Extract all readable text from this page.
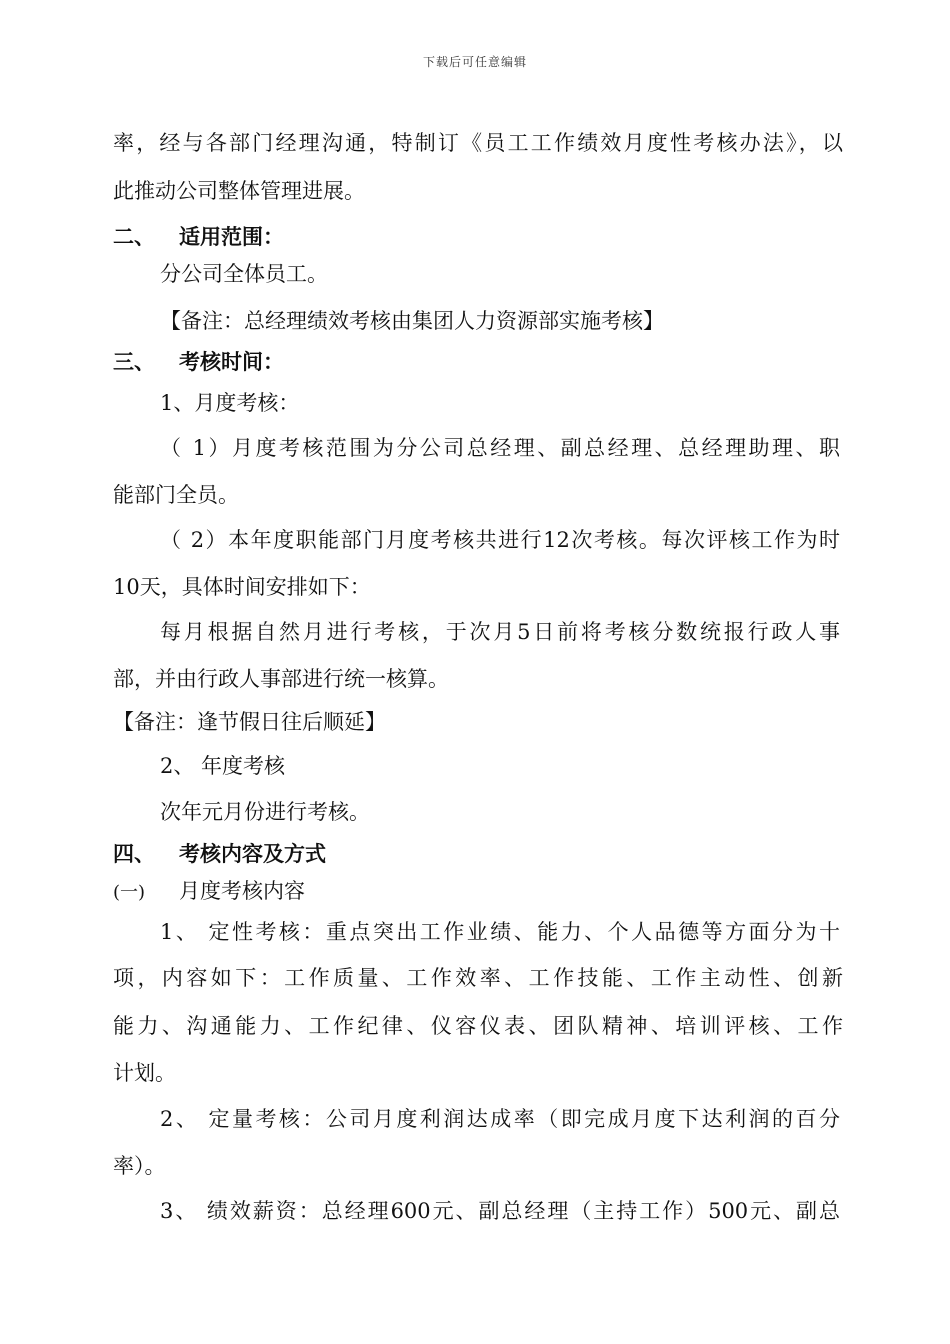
下载后可任意编辑
率，经与各部门经理沟通，特制订《员工工作绩效月度性考核办法》，以
此推动公司整体管理进展。
二、 适用范围：
分公司全体员工。
【备注：总经理绩效考核由集团人力资源部实施考核】
三、 考核时间：
1、月度考核：
（ 1）月度考核范围为分公司总经理、副总经理、总经理助理、职
能部门全员。
（ 2）本年度职能部门月度考核共进行12次考核。每次评核工作为时
10天，具体时间安排如下：
每月根据自然月进行考核，于次月5日前将考核分数统报行政人事
部，并由行政人事部进行统一核算。
【备注：逢节假日往后顺延】
2、 年度考核
次年元月份进行考核。
四、 考核内容及方式
(一) 月度考核内容
1、 定性考核：重点突出工作业绩、能力、个人品德等方面分为十
项，内容如下：工作质量、工作效率、工作技能、工作主动性、创新
能力、沟通能力、工作纪律、仪容仪表、团队精神、培训评核、工作
计划。
2、 定量考核：公司月度利润达成率（即完成月度下达利润的百分
率）。
3、 绩效薪资：总经理600元、副总经理（主持工作）500元、副总
